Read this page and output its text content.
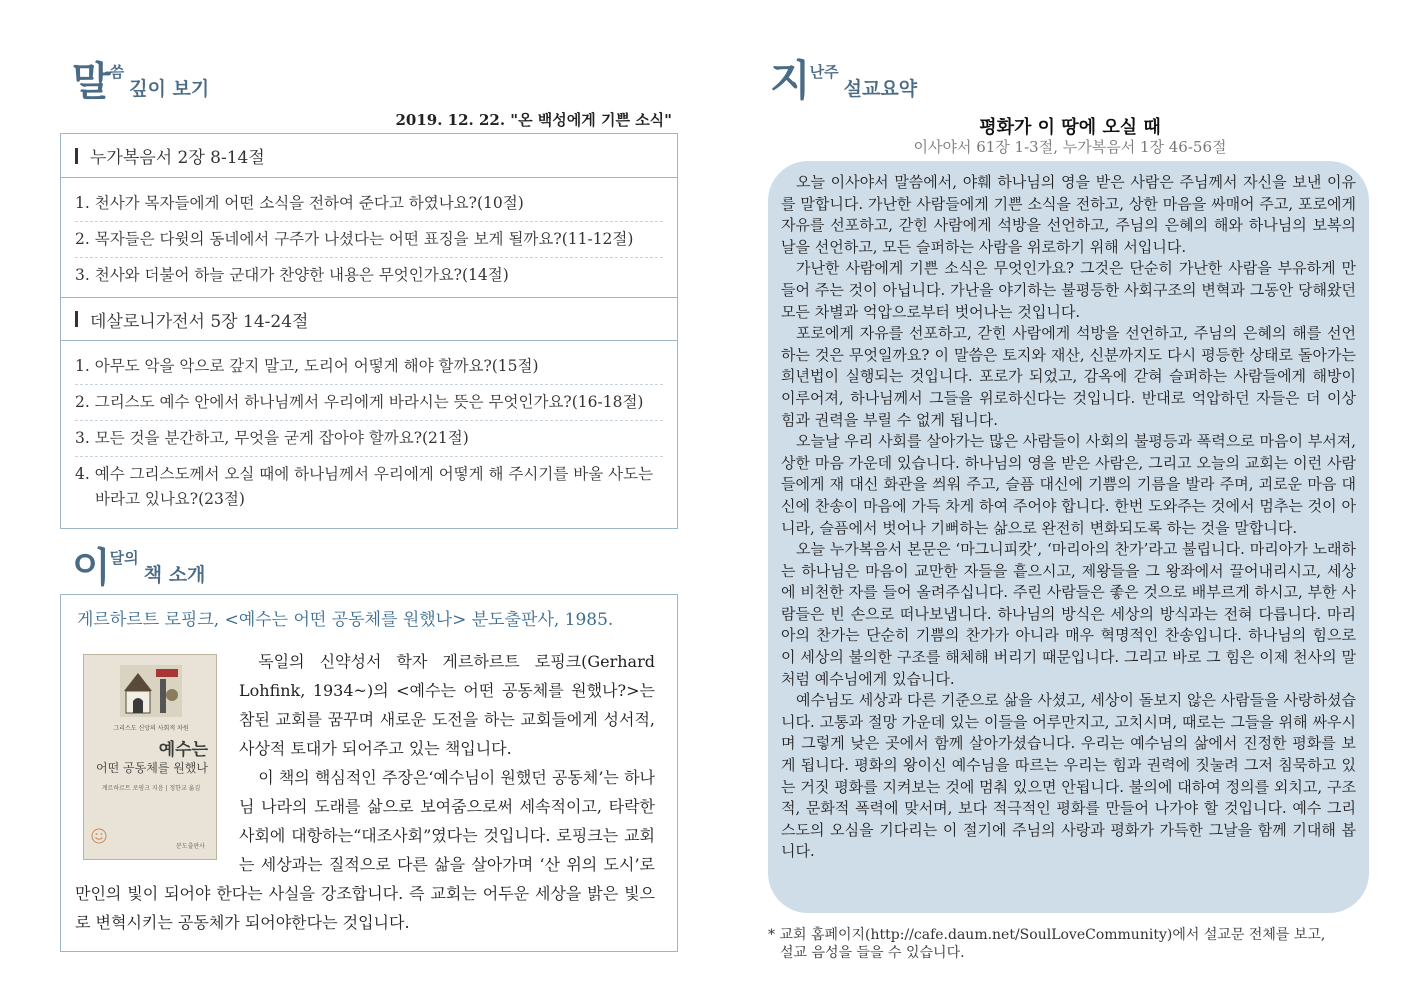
말씀 깊이 보기
2019. 12. 22. "온 백성에게 기쁜 소식"
누가복음서 2장 8-14절
1. 천사가 목자들에게 어떤 소식을 전하여 준다고 하였나요?(10절)
2. 목자들은 다윗의 동네에서 구주가 나셨다는 어떤 표징을 보게 될까요?(11-12절)
3. 천사와 더불어 하늘 군대가 찬양한 내용은 무엇인가요?(14절)
데살로니가전서 5장 14-24절
1. 아무도 악을 악으로 갚지 말고, 도리어 어떻게 해야 할까요?(15절)
2. 그리스도 예수 안에서 하나님께서 우리에게 바라시는 뜻은 무엇인가요?(16-18절)
3. 모든 것을 분간하고, 무엇을 굳게 잡아야 할까요?(21절)
4. 예수 그리스도께서 오실 때에 하나님께서 우리에게 어떻게 해 주시기를 바울 사도는 바라고 있나요?(23절)
이달의 책 소개
게르하르트 로핑크, <예수는 어떤 공동체를 원했나> 분도출판사, 1985.
그리스도 신앙의 사회적 차원
예수는
어떤 공동체를 원했나
게르하르트 로핑크 지음 | 정한교 옮김
분도출판사

독일의 신약성서 학자 게르하르트 로핑크(Gerhard Lohfink, 1934~)의 <예수는 어떤 공동체를 원했나?>는 참된 교회를 꿈꾸며 새로운 도전을 하는 교회들에게 성서적, 사상적 토대가 되어주고 있는 책입니다.

이 책의 핵심적인 주장은‘예수님이 원했던 공동체’는 하나님 나라의 도래를 삶으로 보여줌으로써 세속적이고, 타락한 사회에 대항하는“대조사회”였다는 것입니다. 로핑크는 교회는 세상과는 질적으로 다른 삶을 살아가며 ‘산 위의 도시’로 만인의 빛이 되어야 한다는 사실을 강조합니다. 즉 교회는 어두운 세상을 밝은 빛으로 변혁시키는 공동체가 되어야한다는 것입니다.

지난주 설교요약
평화가 이 땅에 오실 때
이사야서 61장 1-3절, 누가복음서 1장 46-56절

오늘 이사야서 말씀에서, 야훼 하나님의 영을 받은 사람은 주님께서 자신을 보낸 이유를 말합니다. 가난한 사람들에게 기쁜 소식을 전하고, 상한 마음을 싸매어 주고, 포로에게 자유를 선포하고, 갇힌 사람에게 석방을 선언하고, 주님의 은혜의 해와 하나님의 보복의 날을 선언하고, 모든 슬퍼하는 사람을 위로하기 위해 서입니다.

가난한 사람에게 기쁜 소식은 무엇인가요? 그것은 단순히 가난한 사람을 부유하게 만들어 주는 것이 아닙니다. 가난을 야기하는 불평등한 사회구조의 변혁과 그동안 당해왔던 모든 차별과 억압으로부터 벗어나는 것입니다.

포로에게 자유를 선포하고, 갇힌 사람에게 석방을 선언하고, 주님의 은혜의 해를 선언하는 것은 무엇일까요? 이 말씀은 토지와 재산, 신분까지도 다시 평등한 상태로 돌아가는 희년법이 실행되는 것입니다. 포로가 되었고, 감옥에 갇혀 슬퍼하는 사람들에게 해방이 이루어져, 하나님께서 그들을 위로하신다는 것입니다. 반대로 억압하던 자들은 더 이상 힘과 권력을 부릴 수 없게 됩니다.

오늘날 우리 사회를 살아가는 많은 사람들이 사회의 불평등과 폭력으로 마음이 부서져, 상한 마음 가운데 있습니다. 하나님의 영을 받은 사람은, 그리고 오늘의 교회는 이런 사람들에게 재 대신 화관을 씌워 주고, 슬픔 대신에 기쁨의 기름을 발라 주며, 괴로운 마음 대신에 찬송이 마음에 가득 차게 하여 주어야 합니다. 한번 도와주는 것에서 멈추는 것이 아니라, 슬픔에서 벗어나 기뻐하는 삶으로 완전히 변화되도록 하는 것을 말합니다.

오늘 누가복음서 본문은 ‘마그니피캇’, ‘마리아의 찬가’라고 불립니다. 마리아가 노래하는 하나님은 마음이 교만한 자들을 흩으시고, 제왕들을 그 왕좌에서 끌어내리시고, 세상에 비천한 자를 들어 올려주십니다. 주린 사람들은 좋은 것으로 배부르게 하시고, 부한 사람들은 빈 손으로 떠나보냅니다. 하나님의 방식은 세상의 방식과는 전혀 다릅니다. 마리아의 찬가는 단순히 기쁨의 찬가가 아니라 매우 혁명적인 찬송입니다. 하나님의 힘으로 이 세상의 불의한 구조를 해체해 버리기 때문입니다. 그리고 바로 그 힘은 이제 천사의 말처럼 예수님에게 있습니다.

예수님도 세상과 다른 기준으로 삶을 사셨고, 세상이 돌보지 않은 사람들을 사랑하셨습니다. 고통과 절망 가운데 있는 이들을 어루만지고, 고치시며, 때로는 그들을 위해 싸우시며 그렇게 낮은 곳에서 함께 살아가셨습니다. 우리는 예수님의 삶에서 진정한 평화를 보게 됩니다. 평화의 왕이신 예수님을 따르는 우리는 힘과 권력에 짓눌려 그저 침묵하고 있는 거짓 평화를 지켜보는 것에 멈춰 있으면 안됩니다. 불의에 대하여 정의를 외치고, 구조적, 문화적 폭력에 맞서며, 보다 적극적인 평화를 만들어 나가야 할 것입니다. 예수 그리스도의 오심을 기다리는 이 절기에 주님의 사랑과 평화가 가득한 그날을 함께 기대해 봅니다.

* 교회 홈페이지(http://cafe.daum.net/SoulLoveCommunity)에서 설교문 전체를 보고,
설교 음성을 들을 수 있습니다.
